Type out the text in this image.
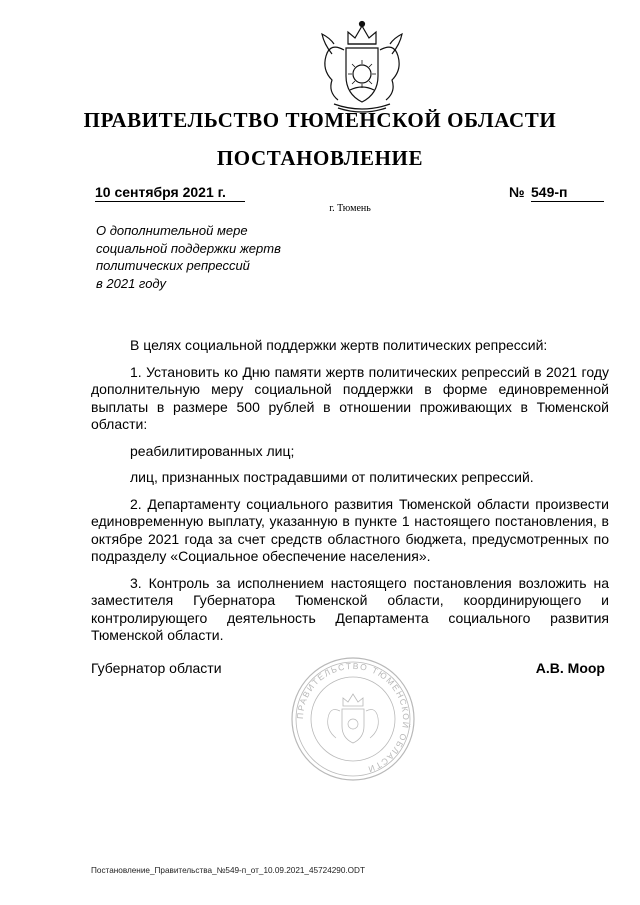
ПРАВИТЕЛЬСТВО ТЮМЕНСКОЙ ОБЛАСТИ
ПОСТАНОВЛЕНИЕ
10 сентября 2021 г.
г. Тюмень
№ 549-п
О дополнительной мере
социальной поддержки жертв
политических репрессий
в 2021 году

В целях социальной поддержки жертв политических репрессий:

1. Установить ко Дню памяти жертв политических репрессий в 2021 году дополнительную меру социальной поддержки в форме единовременной выплаты в размере 500 рублей в отношении проживающих в Тюменской области:

реабилитированных лиц;

лиц, признанных пострадавшими от политических репрессий.

2. Департаменту социального развития Тюменской области произвести единовременную выплату, указанную в пункте 1 настоящего постановления, в октябре 2021 года за счет средств областного бюджета, предусмотренных по подразделу «Социальное обеспечение населения».

3. Контроль за исполнением настоящего постановления возложить на заместителя Губернатора Тюменской области, координирующего и контролирующего деятельность Департамента социального развития Тюменской области.

ПРАВИТЕЛЬСТВО ТЮМЕНСКОЙ ОБЛАСТИ
Губернатор области	А.В. Моор
Постановление_Правительства_№549-п_от_10.09.2021_45724290.ODT
